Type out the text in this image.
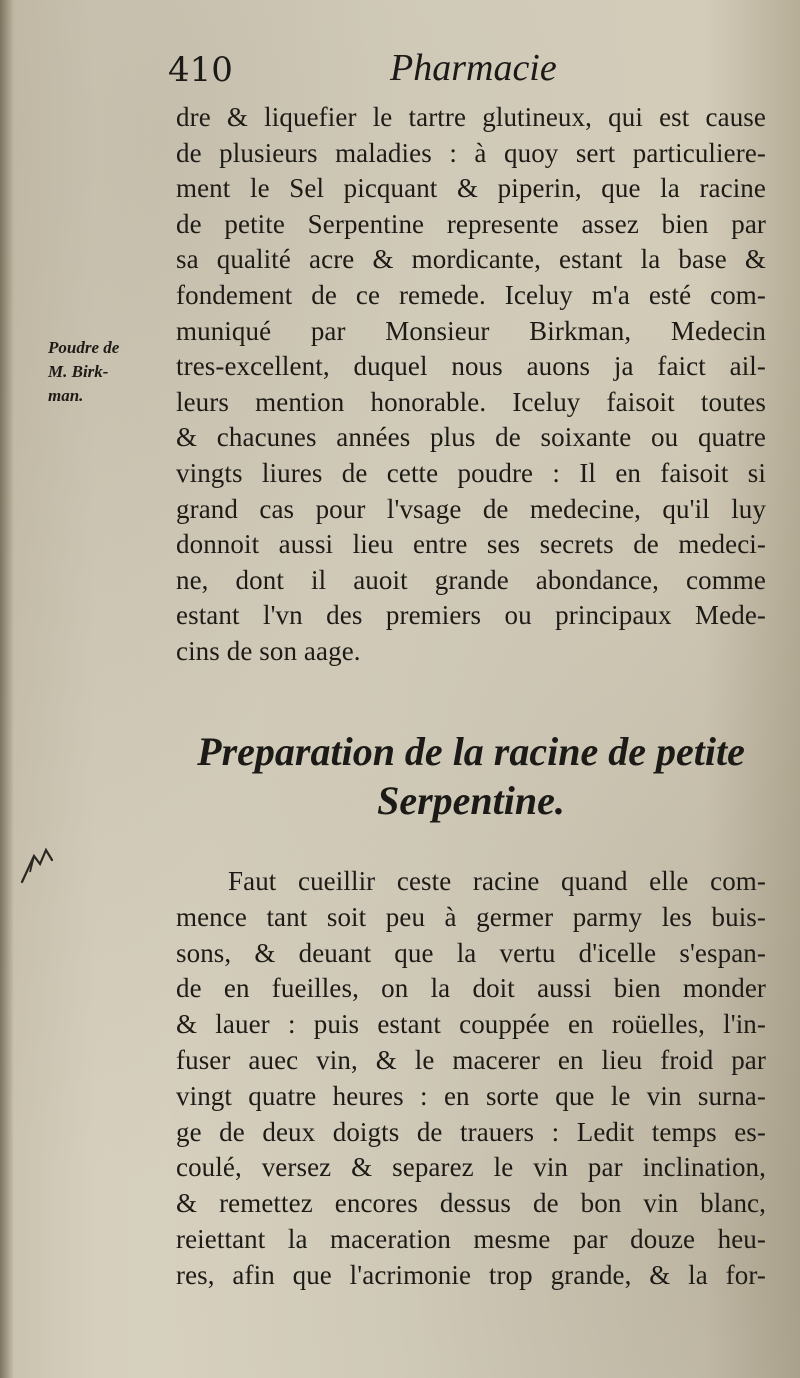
410	Pharmacie
Poudre de
M. Birk-
man.
dre & liquefier le tartre glutineux, qui est cause
de plusieurs maladies : à quoy sert particuliere-
ment le Sel picquant & piperin, que la racine
de petite Serpentine represente assez bien par
sa qualité acre & mordicante, estant la base &
fondement de ce remede. Iceluy m'a esté com-
muniqué par Monsieur Birkman, Medecin
tres-excellent, duquel nous auons ja faict ail-
leurs mention honorable. Iceluy faisoit toutes
& chacunes années plus de soixante ou quatre
vingts liures de cette poudre : Il en faisoit si
grand cas pour l'vsage de medecine, qu'il luy
donnoit aussi lieu entre ses secrets de medeci-
ne, dont il auoit grande abondance, comme
estant l'vn des premiers ou principaux Mede-
cins de son aage.
Preparation de la racine de petite
Serpentine.
Faut cueillir ceste racine quand elle com-
mence tant soit peu à germer parmy les buis-
sons, & deuant que la vertu d'icelle s'espan-
de en fueilles, on la doit aussi bien monder
& lauer : puis estant couppée en roüelles, l'in-
fuser auec vin, & le macerer en lieu froid par
vingt quatre heures : en sorte que le vin surna-
ge de deux doigts de trauers : Ledit temps es-
coulé, versez & separez le vin par inclination,
& remettez encores dessus de bon vin blanc,
reiettant la maceration mesme par douze heu-
res, afin que l'acrimonie trop grande, & la for-
